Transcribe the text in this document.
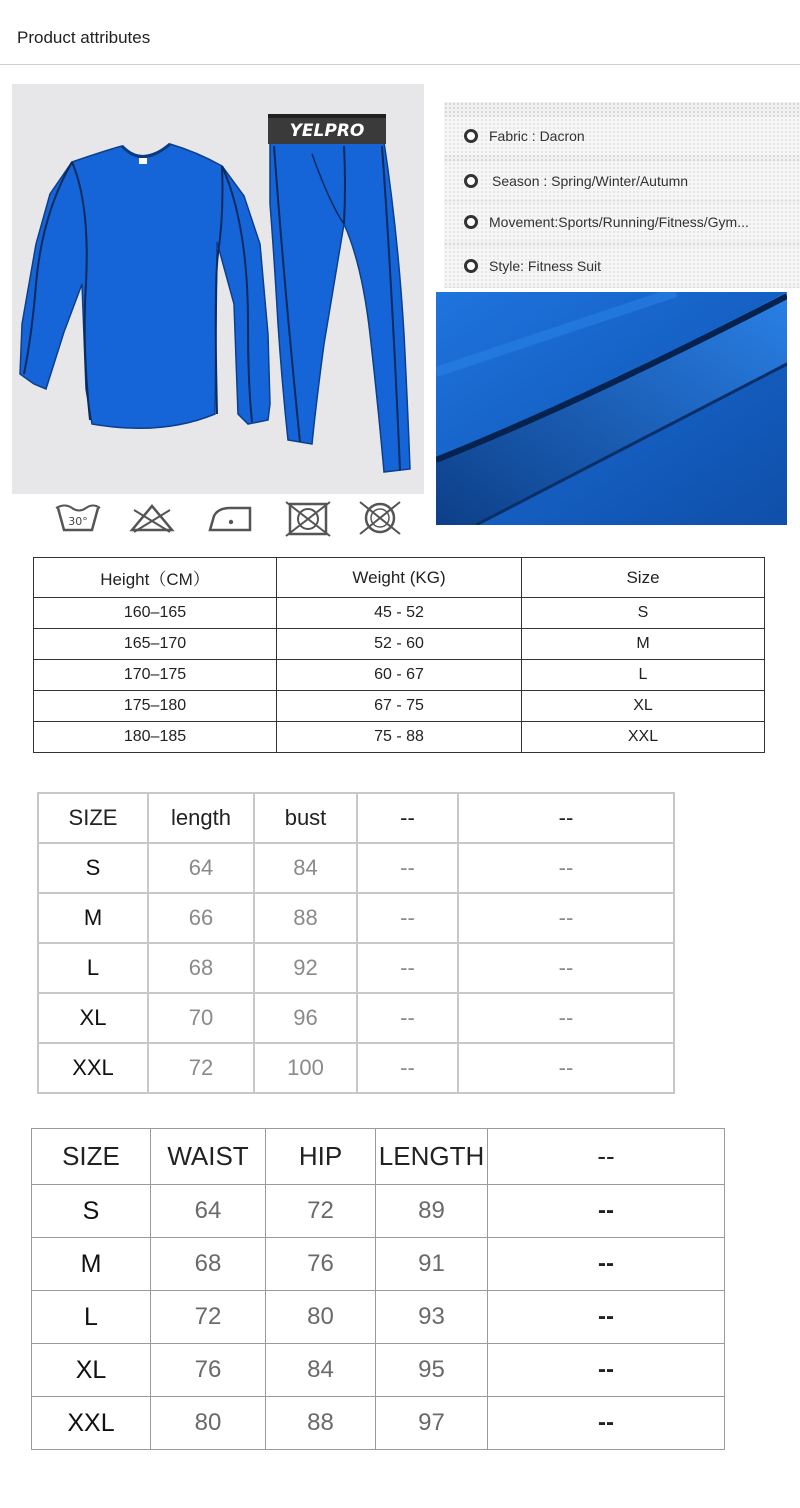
Product attributes
YELPRO
30°
Fabric : Dacron
Season : Spring/Winter/Autumn
Movement:Sports/Running/Fitness/Gym...
Style: Fitness Suit
Height（CM）	Weight (KG)	Size
160–165	45 - 52	S
165–170	52 - 60	M
170–175	60 - 67	L
175–180	67 - 75	XL
180–185	75 - 88	XXL
SIZE	length	bust	--	--
S	64	84	--	--
M	66	88	--	--
L	68	92	--	--
XL	70	96	--	--
XXL	72	100	--	--
SIZE	WAIST	HIP	LENGTH	--
S	64	72	89	--
M	68	76	91	--
L	72	80	93	--
XL	76	84	95	--
XXL	80	88	97	--
